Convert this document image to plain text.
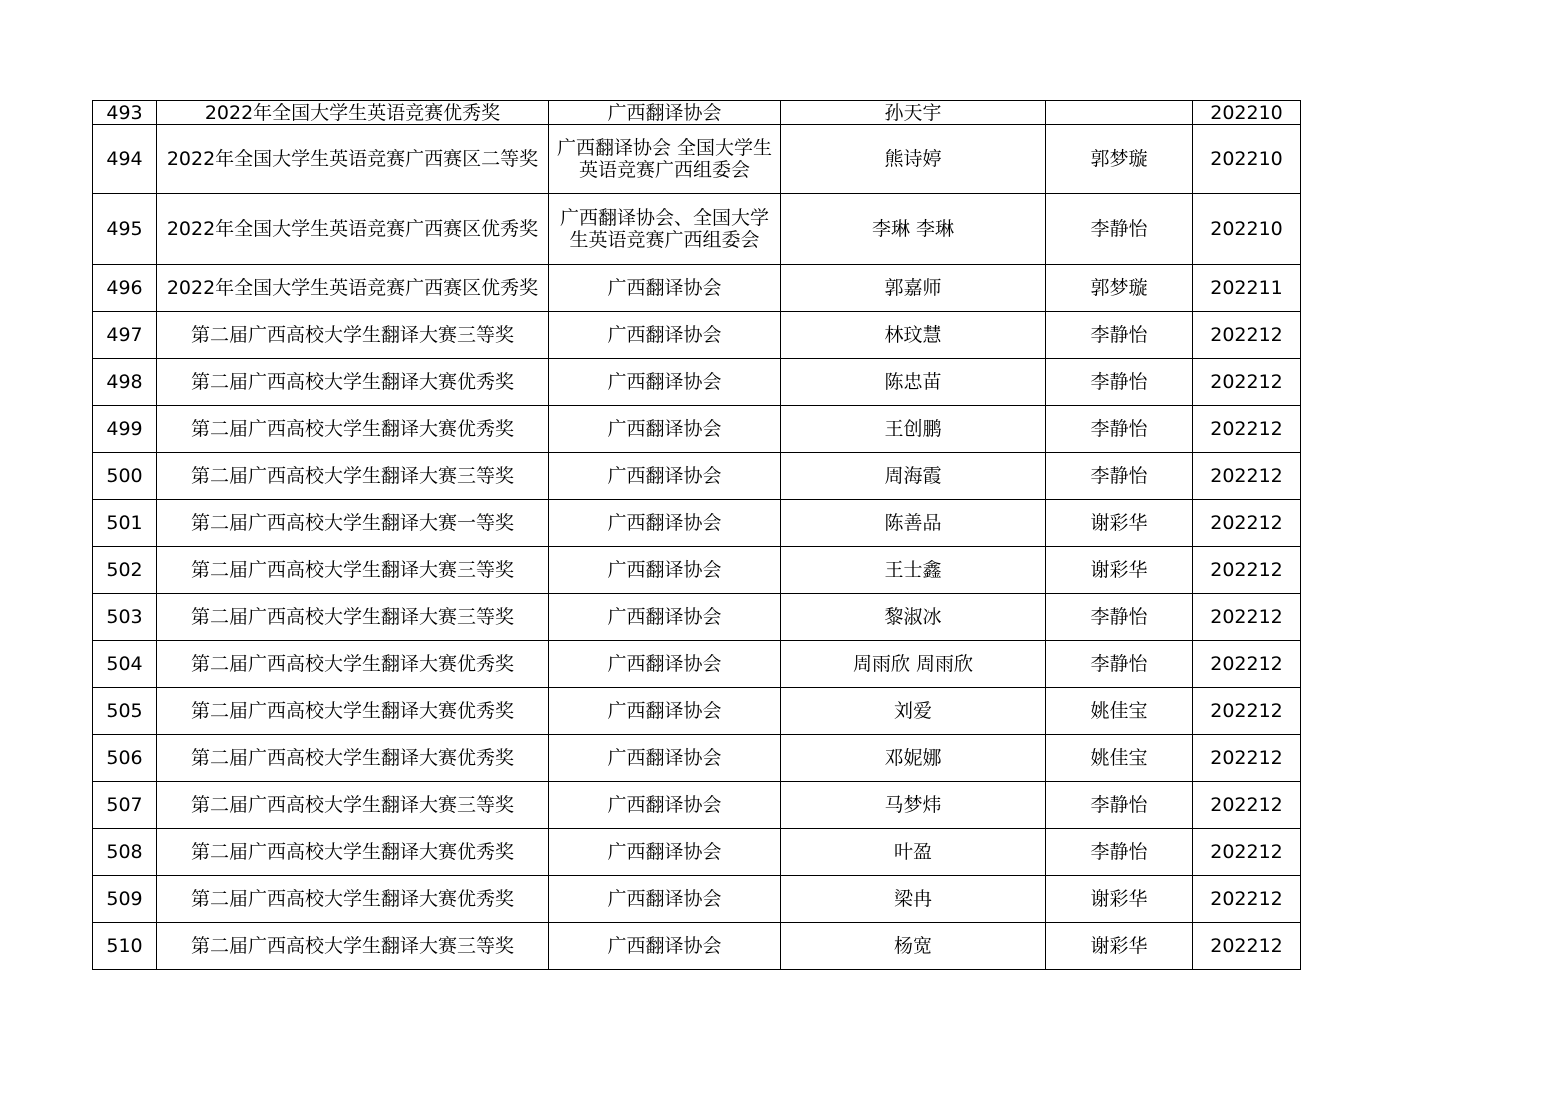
493	2022年全国大学生英语竞赛优秀奖	广西翻译协会	孙天宇		202210
494	2022年全国大学生英语竞赛广西赛区二等奖	广西翻译协会 全国大学生英语竞赛广西组委会	熊诗婷	郭梦璇	202210
495	2022年全国大学生英语竞赛广西赛区优秀奖	广西翻译协会、全国大学生英语竞赛广西组委会	李琳 李琳	李静怡	202210
496	2022年全国大学生英语竞赛广西赛区优秀奖	广西翻译协会	郭嘉师	郭梦璇	202211
497	第二届广西高校大学生翻译大赛三等奖	广西翻译协会	林玟慧	李静怡	202212
498	第二届广西高校大学生翻译大赛优秀奖	广西翻译协会	陈忠苗	李静怡	202212
499	第二届广西高校大学生翻译大赛优秀奖	广西翻译协会	王创鹏	李静怡	202212
500	第二届广西高校大学生翻译大赛三等奖	广西翻译协会	周海霞	李静怡	202212
501	第二届广西高校大学生翻译大赛一等奖	广西翻译协会	陈善品	谢彩华	202212
502	第二届广西高校大学生翻译大赛三等奖	广西翻译协会	王士鑫	谢彩华	202212
503	第二届广西高校大学生翻译大赛三等奖	广西翻译协会	黎淑冰	李静怡	202212
504	第二届广西高校大学生翻译大赛优秀奖	广西翻译协会	周雨欣 周雨欣	李静怡	202212
505	第二届广西高校大学生翻译大赛优秀奖	广西翻译协会	刘爱	姚佳宝	202212
506	第二届广西高校大学生翻译大赛优秀奖	广西翻译协会	邓妮娜	姚佳宝	202212
507	第二届广西高校大学生翻译大赛三等奖	广西翻译协会	马梦炜	李静怡	202212
508	第二届广西高校大学生翻译大赛优秀奖	广西翻译协会	叶盈	李静怡	202212
509	第二届广西高校大学生翻译大赛优秀奖	广西翻译协会	梁冉	谢彩华	202212
510	第二届广西高校大学生翻译大赛三等奖	广西翻译协会	杨宽	谢彩华	202212
